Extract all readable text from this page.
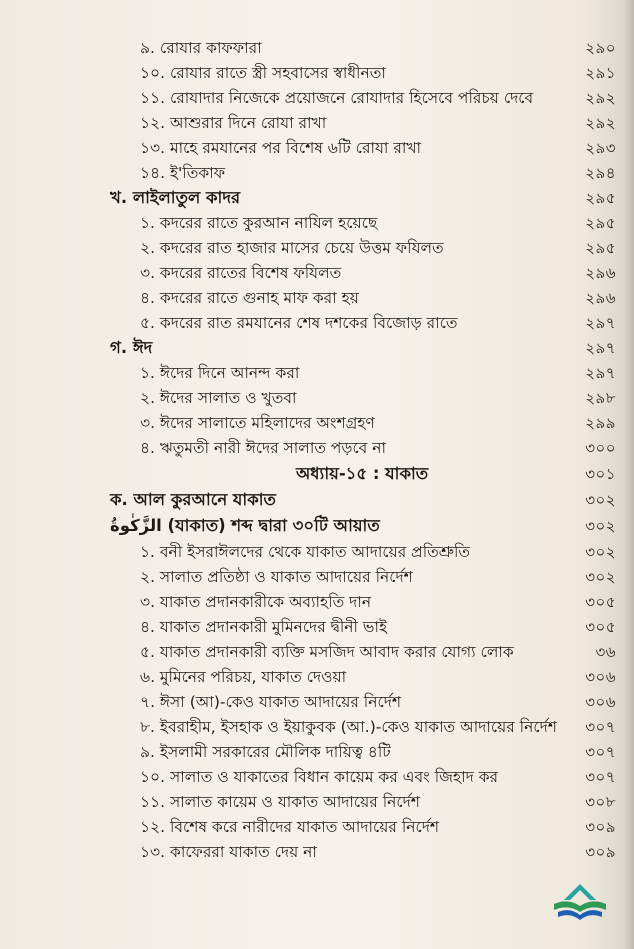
৯. রোযার কাফফারা	২৯০
১০. রোযার রাতে স্ত্রী সহবাসের স্বাধীনতা	২৯১
১১. রোযাদার নিজেকে প্রয়োজনে রোযাদার হিসেবে পরিচয় দেবে	২৯২
১২. আশুরার দিনে রোযা রাখা	২৯২
১৩. মাহে রমযানের পর বিশেষ ৬টি রোযা রাখা	২৯৩
১৪. ই'তিকাফ	২৯৪
খ. লাইলাতুল কাদর	২৯৫
১. কদরের রাতে কুরআন নাযিল হয়েছে	২৯৫
২. কদরের রাত হাজার মাসের চেয়ে উত্তম ফযিলত	২৯৫
৩. কদরের রাতের বিশেষ ফযিলত	২৯৬
৪. কদরের রাতে গুনাহ মাফ করা হয়	২৯৬
৫. কদরের রাত রমযানের শেষ দশকের বিজোড় রাতে	২৯৭
গ. ঈদ	২৯৭
১. ঈদের দিনে আনন্দ করা	২৯৭
২. ঈদের সালাত ও খুতবা	২৯৮
৩. ঈদের সালাতে মহিলাদের অংশগ্রহণ	২৯৯
৪. ঋতুমতী নারী ঈদের সালাত পড়বে না	৩০০
অধ্যায়-১৫ : যাকাত	৩০১
ক. আল কুরআনে যাকাত	৩০২
الزَّكٰوةُ (যাকাত) শব্দ দ্বারা ৩০টি আয়াত	৩০২
১. বনী ইসরাঈলদের থেকে যাকাত আদায়ের প্রতিশ্রুতি	৩০২
২. সালাত প্রতিষ্ঠা ও যাকাত আদায়ের নির্দেশ	৩০২
৩. যাকাত প্রদানকারীকে অব্যাহতি দান	৩০৫
৪. যাকাত প্রদানকারী মুমিনদের দ্বীনী ভাই	৩০৫
৫. যাকাত প্রদানকারী ব্যক্তি মসজিদ আবাদ করার যোগ্য লোক	৩৬
৬. মুমিনের পরিচয়, যাকাত দেওয়া	৩০৬
৭. ঈসা (আ)-কেও যাকাত আদায়ের নির্দেশ	৩০৬
৮. ইবরাহীম, ইসহাক ও ইয়াকুবক (আ.)-কেও যাকাত আদায়ের নির্দেশ ৩০৭
৯. ইসলামী সরকারের মৌলিক দায়িত্ব ৪টি	৩০৭
১০. সালাত ও যাকাতের বিধান কায়েম কর এবং জিহাদ কর	৩০৭
১১. সালাত কায়েম ও যাকাত আদায়ের নির্দেশ	৩০৮
১২. বিশেষ করে নারীদের যাকাত আদায়ের নির্দেশ	৩০৯
১৩. কাফেররা যাকাত দেয় না	৩০৯
